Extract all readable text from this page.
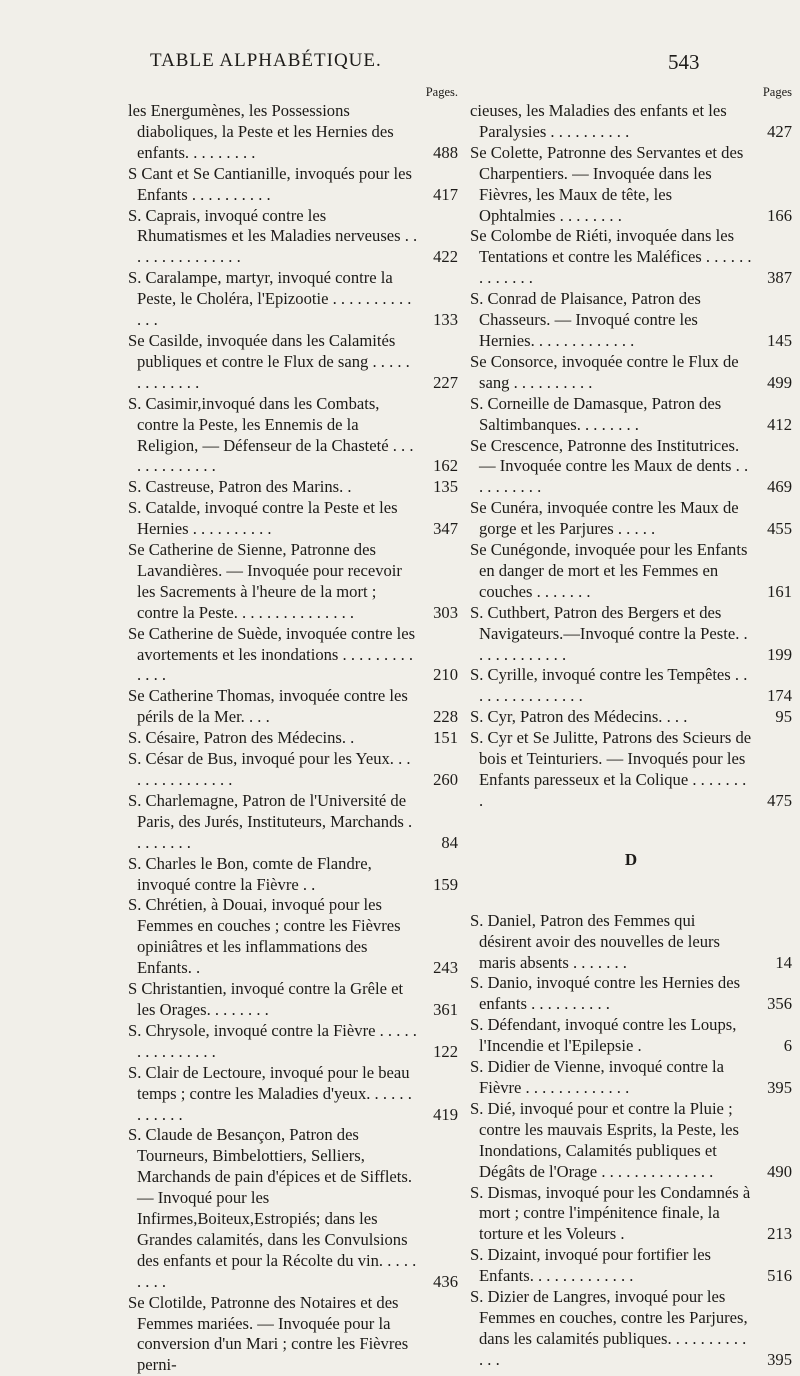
TABLE ALPHABÉTIQUE.	543
Pages.
les Energumènes, les Possessions diaboliques, la Peste et les Hernies des enfants. . . . . . . . .	488
S Cant et Se Cantianille, invoqués pour les Enfants . . . . . . . . . .	417
S. Caprais, invoqué contre les Rhumatismes et les Maladies nerveuses . . . . . . . . . . . . . . .	422
S. Caralampe, martyr, invoqué contre la Peste, le Choléra, l'Epizootie . . . . . . . . . . . . .	133
Se Casilde, invoquée dans les Calamités publiques et contre le Flux de sang . . . . . . . . . . . . .	227
S. Casimir,invoqué dans les Combats, contre la Peste, les Ennemis de la Religion, — Défenseur de la Chasteté . . . . . . . . . . . . .	162
S. Castreuse, Patron des Marins. .	135
S. Catalde, invoqué contre la Peste et les Hernies . . . . . . . . . .	347
Se Catherine de Sienne, Patronne des Lavandières. — Invoquée pour recevoir les Sacrements à l'heure de la mort ; contre la Peste. . . . . . . . . . . . . . .	303
Se Catherine de Suède, invoquée contre les avortements et les inondations . . . . . . . . . . . . .	210
Se Catherine Thomas, invoquée contre les périls de la Mer. . . .	228
S. Césaire, Patron des Médecins. .	151
S. César de Bus, invoqué pour les Yeux. . . . . . . . . . . . . . .	260
S. Charlemagne, Patron de l'Université de Paris, des Jurés, Instituteurs, Marchands . . . . . . . .	84
S. Charles le Bon, comte de Flandre, invoqué contre la Fièvre . .	159
S. Chrétien, à Douai, invoqué pour les Femmes en couches ; contre les Fièvres opiniâtres et les inflammations des Enfants. .	243
S Christantien, invoqué contre la Grêle et les Orages. . . . . . . .	361
S. Chrysole, invoqué contre la Fièvre . . . . . . . . . . . . . . .	122
S. Clair de Lectoure, invoqué pour le beau temps ; contre les Maladies d'yeux. . . . . . . . . . . .	419
S. Claude de Besançon, Patron des Tourneurs, Bimbelottiers, Selliers, Marchands de pain d'épices et de Sifflets. — Invoqué pour les Infirmes,Boiteux,Estropiés; dans les Grandes calamités, dans les Convulsions des enfants et pour la Récolte du vin. . . . . . . . .	436
Se Clotilde, Patronne des Notaires et des Femmes mariées. — Invoquée pour la conversion d'un Mari ; contre les Fièvres perni-
Pages
cieuses, les Maladies des enfants et les Paralysies . . . . . . . . . .	427
Se Colette, Patronne des Servantes et des Charpentiers. — Invoquée dans les Fièvres, les Maux de tête, les Ophtalmies . . . . . . . .	166
Se Colombe de Riéti, invoquée dans les Tentations et contre les Maléfices . . . . . . . . . . . . .	387
S. Conrad de Plaisance, Patron des Chasseurs. — Invoqué contre les Hernies. . . . . . . . . . . . .	145
Se Consorce, invoquée contre le Flux de sang . . . . . . . . . .	499
S. Corneille de Damasque, Patron des Saltimbanques. . . . . . . .	412
Se Crescence, Patronne des Institutrices. — Invoquée contre les Maux de dents . . . . . . . . . .	469
Se Cunéra, invoquée contre les Maux de gorge et les Parjures . . . . .	455
Se Cunégonde, invoquée pour les Enfants en danger de mort et les Femmes en couches . . . . . . .	161
S. Cuthbert, Patron des Bergers et des Navigateurs.—Invoqué contre la Peste. . . . . . . . . . . . .	199
S. Cyrille, invoqué contre les Tempêtes . . . . . . . . . . . . . . .	174
S. Cyr, Patron des Médecins. . . .	95
S. Cyr et Se Julitte, Patrons des Scieurs de bois et Teinturiers. — Invoqués pour les Enfants paresseux et la Colique . . . . . . . .	475
D
S. Daniel, Patron des Femmes qui désirent avoir des nouvelles de leurs maris absents . . . . . . .	14
S. Danio, invoqué contre les Hernies des enfants . . . . . . . . . .	356
S. Défendant, invoqué contre les Loups, l'Incendie et l'Epilepsie .	6
S. Didier de Vienne, invoqué contre la Fièvre . . . . . . . . . . . . .	395
S. Dié, invoqué pour et contre la Pluie ; contre les mauvais Esprits, la Peste, les Inondations, Calamités publiques et Dégâts de l'Orage . . . . . . . . . . . . . .	490
S. Dismas, invoqué pour les Condamnés à mort ; contre l'impénitence finale, la torture et les Voleurs .	213
S. Dizaint, invoqué pour fortifier les Enfants. . . . . . . . . . . . .	516
S. Dizier de Langres, invoqué pour les Femmes en couches, contre les Parjures, dans les calamités publiques. . . . . . . . . . . . .	395
